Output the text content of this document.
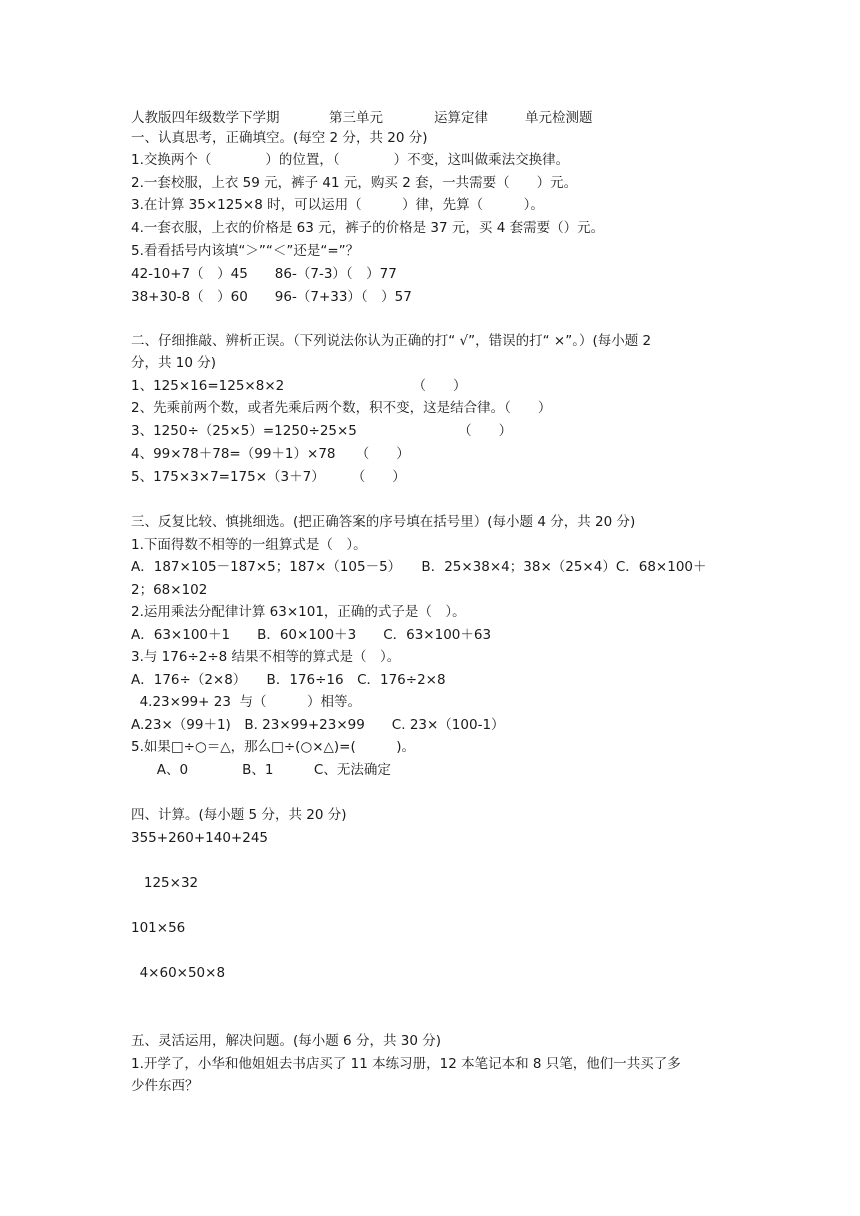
人教版四年级数学下学期	第三单元	运算定律	单元检测题
一、认真思考，正确填空。(每空 2 分，共 20 分)
1.交换两个（　　　　）的位置，（　　　　）不变，这叫做乘法交换律。
2.一套校服，上衣 59 元，裤子 41 元，购买 2 套，一共需要（　　）元。
3.在计算 35×125×8 时，可以运用（　　　）律，先算（　　　）。
4.一套衣服，上衣的价格是 63 元，裤子的价格是 37 元，买 4 套需要（）元。
5.看看括号内该填“＞”“＜”还是“=”？
42-10+7（　）45　　86-（7-3）（　）77
38+30-8（　）60　　96-（7+33）（　）57
二、仔细推敲、辨析正误。（下列说法你认为正确的打“ √”，错误的打“ ×”。）(每小题 2
分，共 10 分)
1、125×16=125×8×2　　　　　　　　　　（　　）
2、先乘前两个数，或者先乘后两个数，积不变，这是结合律。（　　）
3、1250÷（25×5）=1250÷25×5　　　　　　　　（　　）
4、99×78＋78=（99＋1）×78　　（　　）
5、175×3×7=175×（3＋7）　　　（　　）
三、反复比较、慎挑细选。(把正确答案的序号填在括号里）(每小题 4 分，共 20 分)
1.下面得数不相等的一组算式是（　）。
A．187×105－187×5；187×（105－5）　　B．25×38×4；38×（25×4）C．68×100＋
2；68×102
2.运用乘法分配律计算 63×101，正确的式子是（　）。
A．63×100＋1　　B．60×100＋3　　C．63×100＋63
3.与 176÷2÷8 结果不相等的算式是（　）。
A．176÷（2×8）　　B．176÷16　C．176÷2×8
4.23×99+ 23  与（　　　）相等。
A.23×（99＋1)　B. 23×99+23×99　　C. 23×（100-1）
5.如果□÷○＝△，那么□÷(○×△)=(　　　)。
A、0　　　　B、1　　　C、无法确定
四、计算。(每小题 5 分，共 20 分)
355+260+140+245
125×32
101×56
4×60×50×8
五、灵活运用，解决问题。(每小题 6 分，共 30 分)
1.开学了，小华和他姐姐去书店买了 11 本练习册，12 本笔记本和 8 只笔，他们一共买了多
少件东西？
